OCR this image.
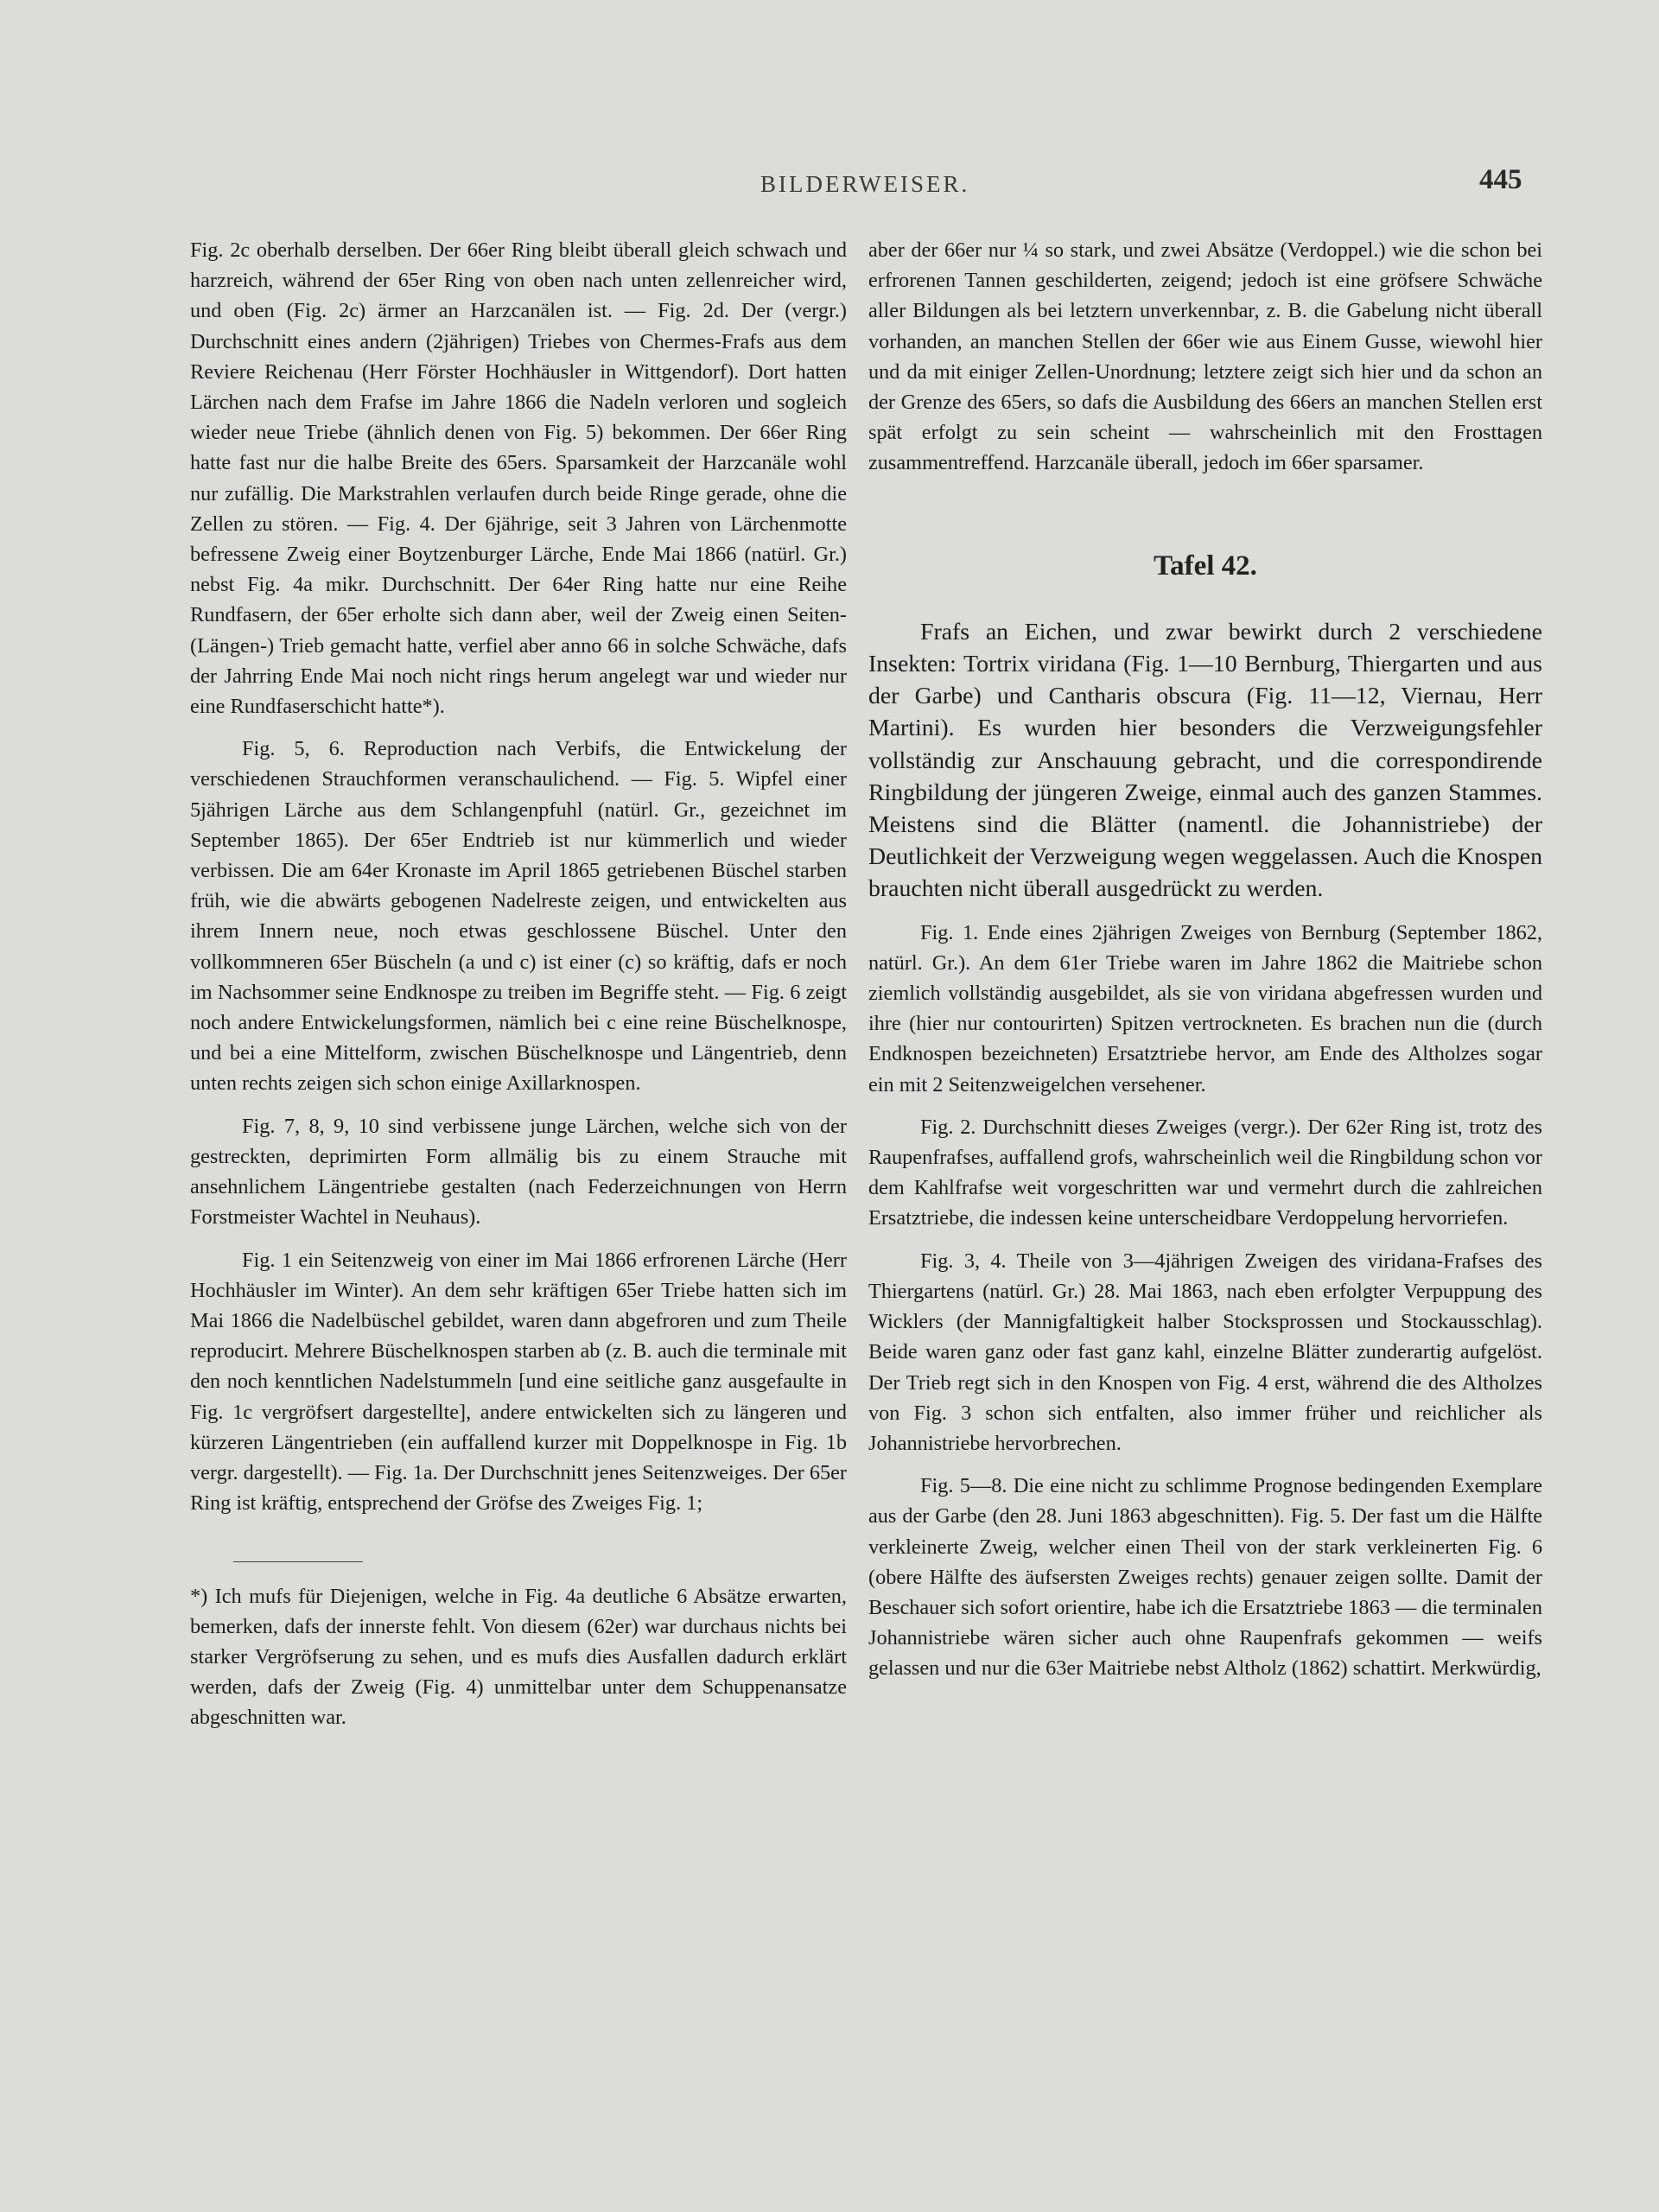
BILDERWEISER.	445

Fig. 2c oberhalb derselben. Der 66er Ring bleibt überall gleich schwach und harzreich, während der 65er Ring von oben nach unten zellenreicher wird, und oben (Fig. 2c) ärmer an Harzcanälen ist. — Fig. 2d. Der (vergr.) Durchschnitt eines andern (2jährigen) Triebes von Chermes-Frafs aus dem Reviere Reichenau (Herr Förster Hochhäusler in Wittgendorf). Dort hatten Lärchen nach dem Frafse im Jahre 1866 die Nadeln verloren und sogleich wieder neue Triebe (ähnlich denen von Fig. 5) bekommen. Der 66er Ring hatte fast nur die halbe Breite des 65ers. Sparsamkeit der Harzcanäle wohl nur zufällig. Die Markstrahlen verlaufen durch beide Ringe gerade, ohne die Zellen zu stören. — Fig. 4. Der 6jährige, seit 3 Jahren von Lärchenmotte befressene Zweig einer Boytzenburger Lärche, Ende Mai 1866 (natürl. Gr.) nebst Fig. 4a mikr. Durchschnitt. Der 64er Ring hatte nur eine Reihe Rundfasern, der 65er erholte sich dann aber, weil der Zweig einen Seiten- (Längen-) Trieb gemacht hatte, verfiel aber anno 66 in solche Schwäche, dafs der Jahrring Ende Mai noch nicht rings herum angelegt war und wieder nur eine Rundfaserschicht hatte*).

Fig. 5, 6. Reproduction nach Verbifs, die Entwickelung der verschiedenen Strauchformen veranschaulichend. — Fig. 5. Wipfel einer 5jährigen Lärche aus dem Schlangenpfuhl (natürl. Gr., gezeichnet im September 1865). Der 65er Endtrieb ist nur kümmerlich und wieder verbissen. Die am 64er Kronaste im April 1865 getriebenen Büschel starben früh, wie die abwärts gebogenen Nadelreste zeigen, und entwickelten aus ihrem Innern neue, noch etwas geschlossene Büschel. Unter den vollkommneren 65er Büscheln (a und c) ist einer (c) so kräftig, dafs er noch im Nachsommer seine Endknospe zu treiben im Begriffe steht. — Fig. 6 zeigt noch andere Entwickelungsformen, nämlich bei c eine reine Büschelknospe, und bei a eine Mittelform, zwischen Büschelknospe und Längentrieb, denn unten rechts zeigen sich schon einige Axillarknospen.

Fig. 7, 8, 9, 10 sind verbissene junge Lärchen, welche sich von der gestreckten, deprimirten Form allmälig bis zu einem Strauche mit ansehnlichem Längentriebe gestalten (nach Federzeichnungen von Herrn Forstmeister Wachtel in Neuhaus).

Fig. 1 ein Seitenzweig von einer im Mai 1866 erfrorenen Lärche (Herr Hochhäusler im Winter). An dem sehr kräftigen 65er Triebe hatten sich im Mai 1866 die Nadelbüschel gebildet, waren dann abgefroren und zum Theile reproducirt. Mehrere Büschelknospen starben ab (z. B. auch die terminale mit den noch kenntlichen Nadelstummeln [und eine seitliche ganz ausgefaulte in Fig. 1c vergröfsert dargestellte], andere entwickelten sich zu längeren und kürzeren Längentrieben (ein auffallend kurzer mit Doppelknospe in Fig. 1b vergr. dargestellt). — Fig. 1a. Der Durchschnitt jenes Seitenzweiges. Der 65er Ring ist kräftig, entsprechend der Gröfse des Zweiges Fig. 1;

*) Ich mufs für Diejenigen, welche in Fig. 4a deutliche 6 Absätze erwarten, bemerken, dafs der innerste fehlt. Von diesem (62er) war durchaus nichts bei starker Vergröfserung zu sehen, und es mufs dies Ausfallen dadurch erklärt werden, dafs der Zweig (Fig. 4) unmittelbar unter dem Schuppenansatze abgeschnitten war.

aber der 66er nur ¼ so stark, und zwei Absätze (Verdoppel.) wie die schon bei erfrorenen Tannen geschilderten, zeigend; jedoch ist eine gröfsere Schwäche aller Bildungen als bei letztern unverkennbar, z. B. die Gabelung nicht überall vorhanden, an manchen Stellen der 66er wie aus Einem Gusse, wiewohl hier und da mit einiger Zellen-Unordnung; letztere zeigt sich hier und da schon an der Grenze des 65ers, so dafs die Ausbildung des 66ers an manchen Stellen erst spät erfolgt zu sein scheint — wahrscheinlich mit den Frosttagen zusammentreffend. Harzcanäle überall, jedoch im 66er sparsamer.

Tafel 42.

Frafs an Eichen, und zwar bewirkt durch 2 verschiedene Insekten: Tortrix viridana (Fig. 1—10 Bernburg, Thiergarten und aus der Garbe) und Cantharis obscura (Fig. 11—12, Viernau, Herr Martini). Es wurden hier besonders die Verzweigungsfehler vollständig zur Anschauung gebracht, und die correspondirende Ringbildung der jüngeren Zweige, einmal auch des ganzen Stammes. Meistens sind die Blätter (namentl. die Johannistriebe) der Deutlichkeit der Verzweigung wegen weggelassen. Auch die Knospen brauchten nicht überall ausgedrückt zu werden.

Fig. 1. Ende eines 2jährigen Zweiges von Bernburg (September 1862, natürl. Gr.). An dem 61er Triebe waren im Jahre 1862 die Maitriebe schon ziemlich vollständig ausgebildet, als sie von viridana abgefressen wurden und ihre (hier nur contourirten) Spitzen vertrockneten. Es brachen nun die (durch Endknospen bezeichneten) Ersatztriebe hervor, am Ende des Altholzes sogar ein mit 2 Seitenzweigelchen versehener.

Fig. 2. Durchschnitt dieses Zweiges (vergr.). Der 62er Ring ist, trotz des Raupenfrafses, auffallend grofs, wahrscheinlich weil die Ringbildung schon vor dem Kahlfrafse weit vorgeschritten war und vermehrt durch die zahlreichen Ersatztriebe, die indessen keine unterscheidbare Verdoppelung hervorriefen.

Fig. 3, 4. Theile von 3—4jährigen Zweigen des viridana-Frafses des Thiergartens (natürl. Gr.) 28. Mai 1863, nach eben erfolgter Verpuppung des Wicklers (der Mannigfaltigkeit halber Stocksprossen und Stockausschlag). Beide waren ganz oder fast ganz kahl, einzelne Blätter zunderartig aufgelöst. Der Trieb regt sich in den Knospen von Fig. 4 erst, während die des Altholzes von Fig. 3 schon sich entfalten, also immer früher und reichlicher als Johannistriebe hervorbrechen.

Fig. 5—8. Die eine nicht zu schlimme Prognose bedingenden Exemplare aus der Garbe (den 28. Juni 1863 abgeschnitten). Fig. 5. Der fast um die Hälfte verkleinerte Zweig, welcher einen Theil von der stark verkleinerten Fig. 6 (obere Hälfte des äufsersten Zweiges rechts) genauer zeigen sollte. Damit der Beschauer sich sofort orientire, habe ich die Ersatztriebe 1863 — die terminalen Johannistriebe wären sicher auch ohne Raupenfrafs gekommen — weifs gelassen und nur die 63er Maitriebe nebst Altholz (1862) schattirt. Merkwürdig,
